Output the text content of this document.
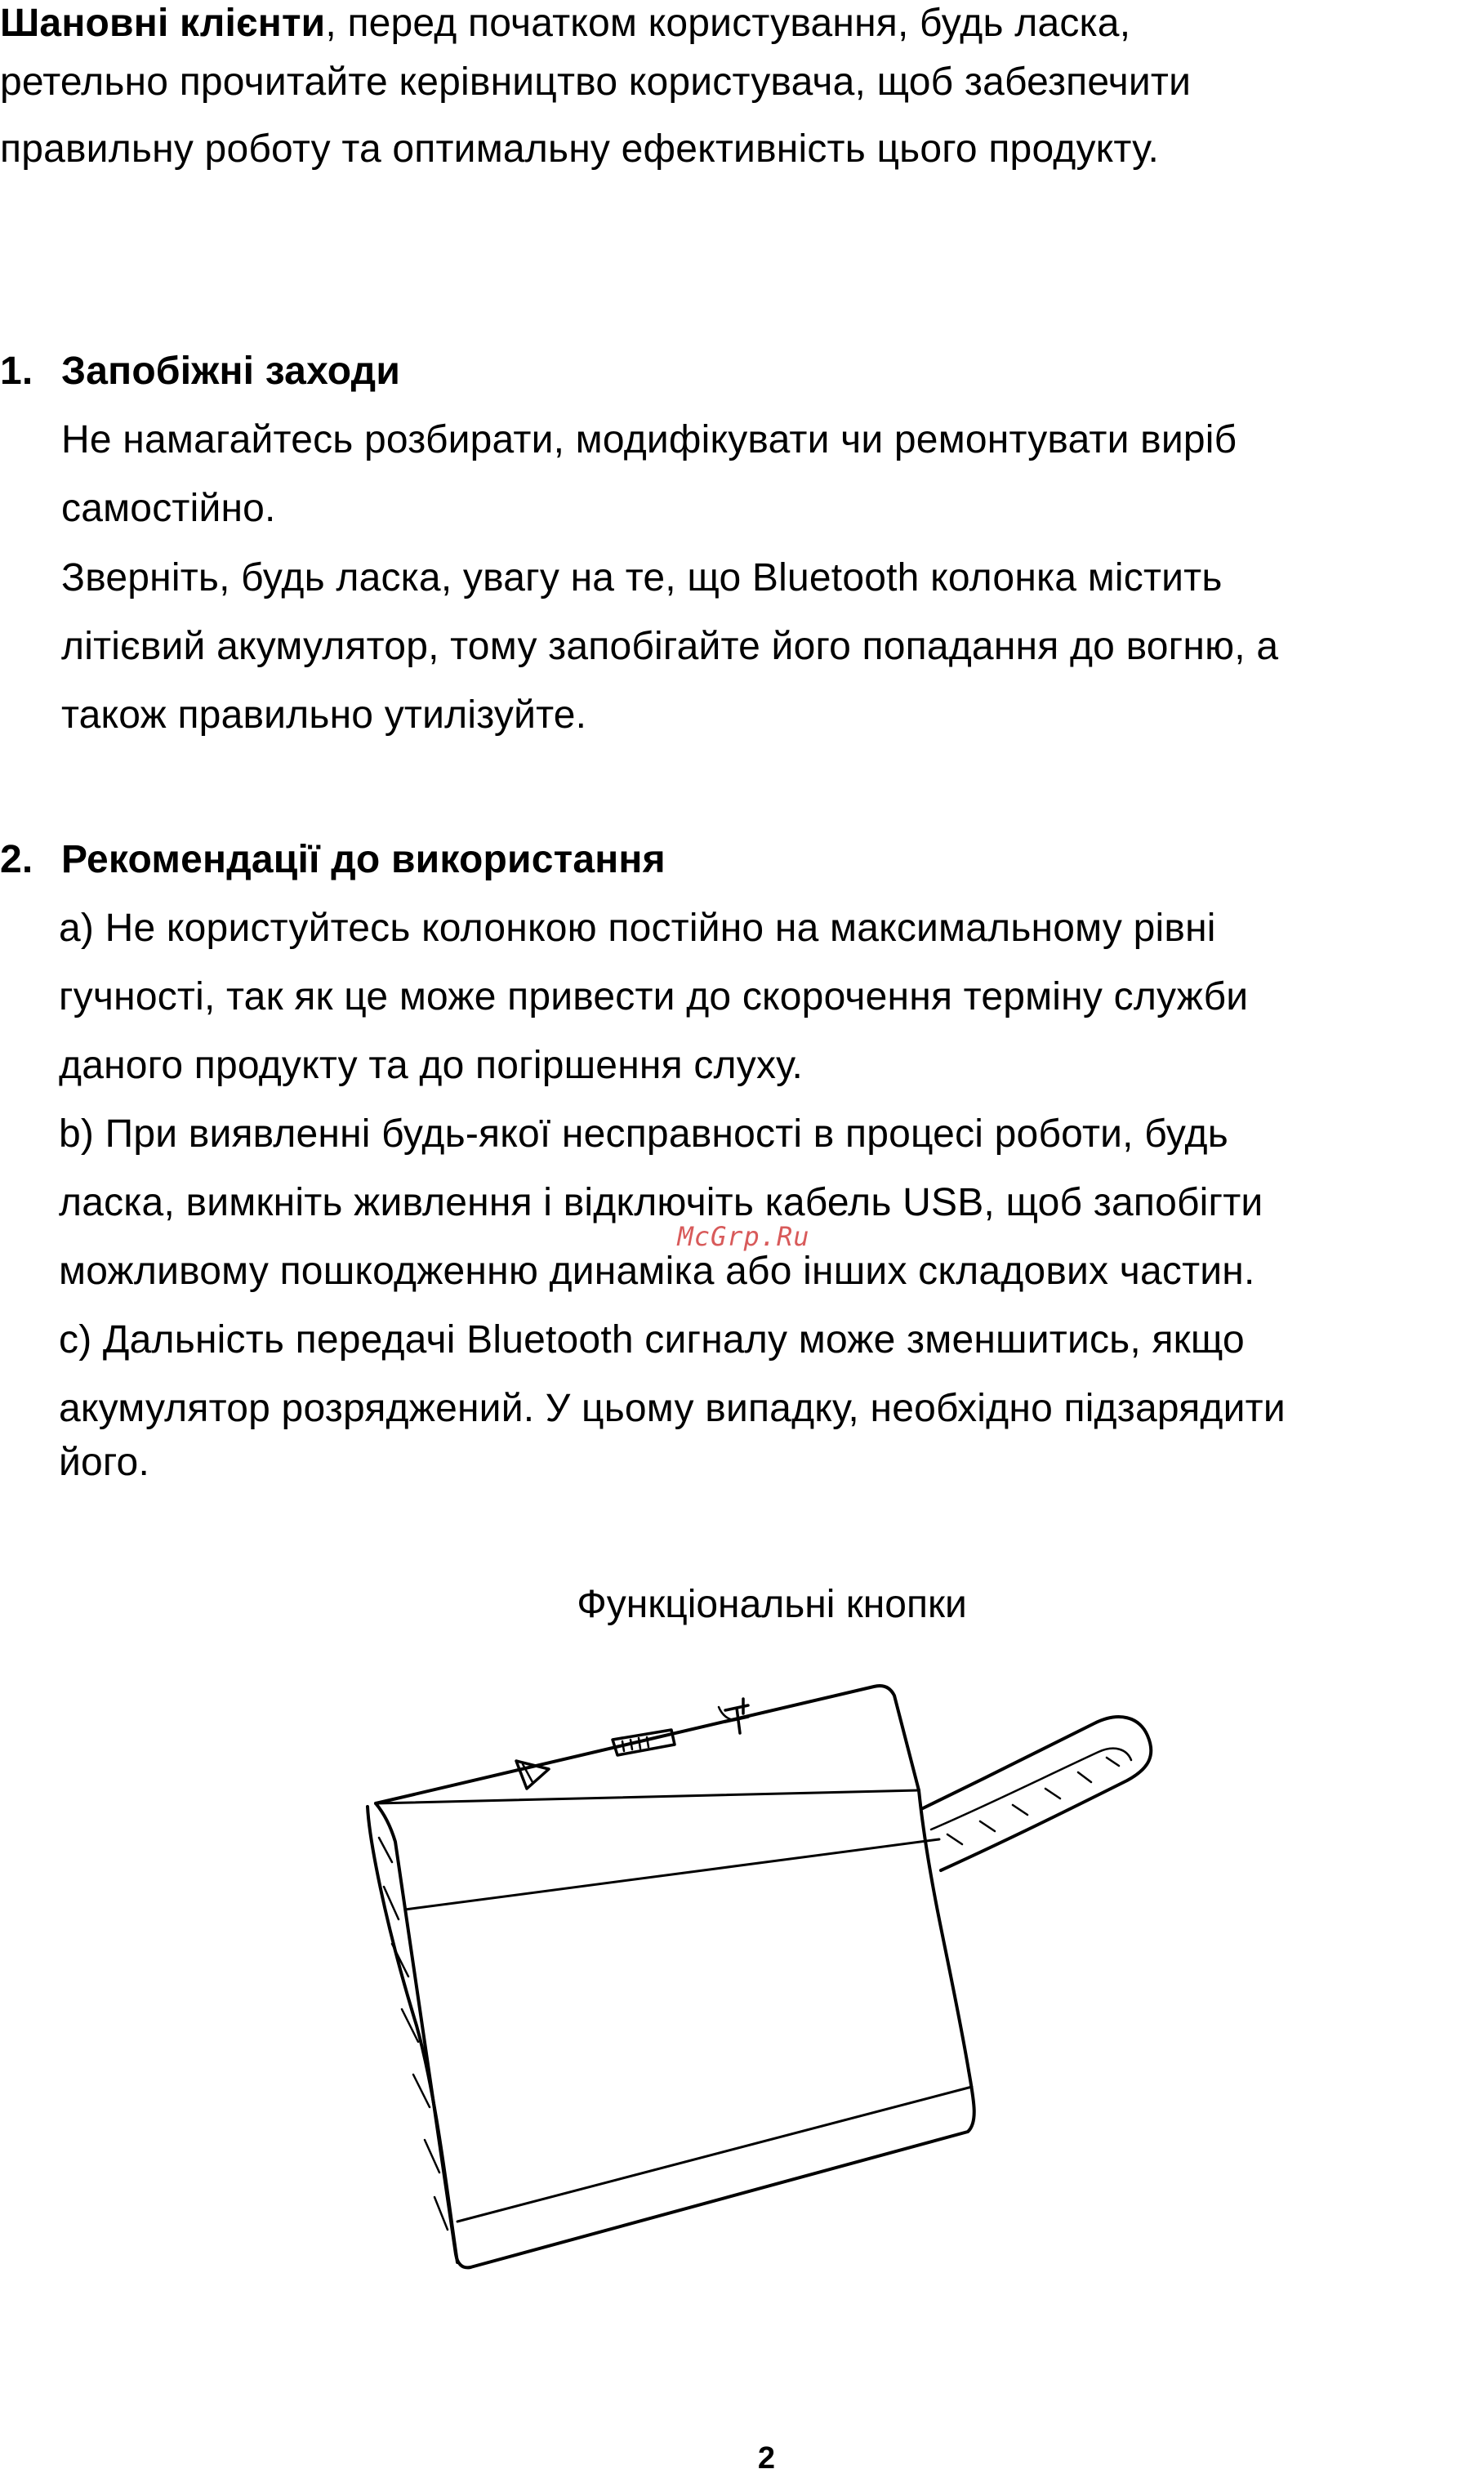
Шановні клієнти, перед початком користування, будь ласка,

ретельно прочитайте керівництво користувача, щоб забезпечити

правильну роботу та оптимальну ефективність цього продукту.

1. Запобіжні заходи

Не намагайтесь розбирати, модифікувати чи ремонтувати виріб

самостійно.

Зверніть, будь ласка, увагу на те, що Bluetooth колонка містить

літієвий акумулятор, тому запобігайте його попадання до вогню, а

також правильно утилізуйте.

2. Рекомендації до використання

a) Не користуйтесь колонкою постійно на максимальному рівні

гучності, так як це може привести до скорочення терміну служби

даного продукту та до погіршення слуху.

b) При виявленні будь-якої несправності в процесі роботи, будь

ласка, вимкніть живлення і відключіть кабель USB, щоб запобігти

можливому пошкодженню динаміка або інших складових частин.

c) Дальність передачі Bluetooth сигналу може зменшитись, якщо

акумулятор розряджений. У цьому випадку, необхідно підзарядити

його.

McGrp.Ru

Функціональні кнопки

2
